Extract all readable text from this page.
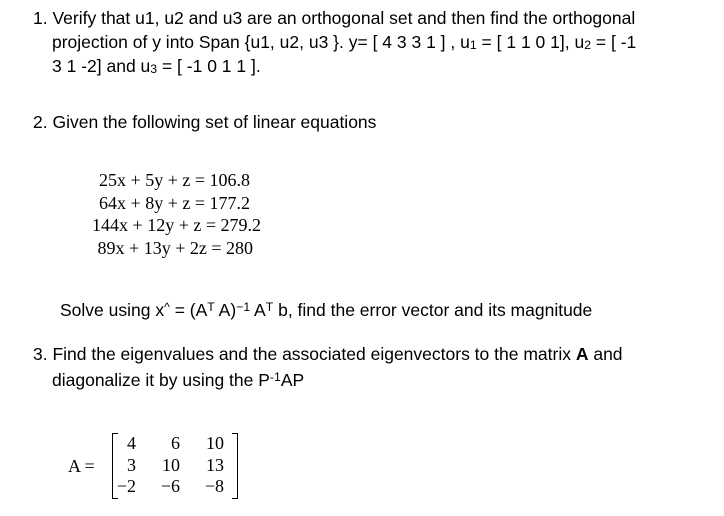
1. Verify that u1, u2 and u3 are an orthogonal set and then find the orthogonal
projection of y into Span {u1, u2, u3 }. y= [ 4 3 3 1 ] , $u_1$ = [ 1 1 0 1], $u_2$ = [ -1
3 1 -2] and $u_3$ = [ -1 0 1 1 ].
2. Given the following set of linear equations
25x + 5y + z = 106.8
64x + 8y + z = 177.2
144x + 12y + z = 279.2
89x + 13y + 2z = 280
Solve using $x^{\^{}} = (A^T$ A)$^{-1}$ $A^T$ b, find the error vector and its magnitude
3. Find the eigenvalues and the associated eigenvectors to the matrix A and
diagonalize it by using the $P^{-1}AP$
A =
4	6	10
3	10	13
−2	−6	−8
